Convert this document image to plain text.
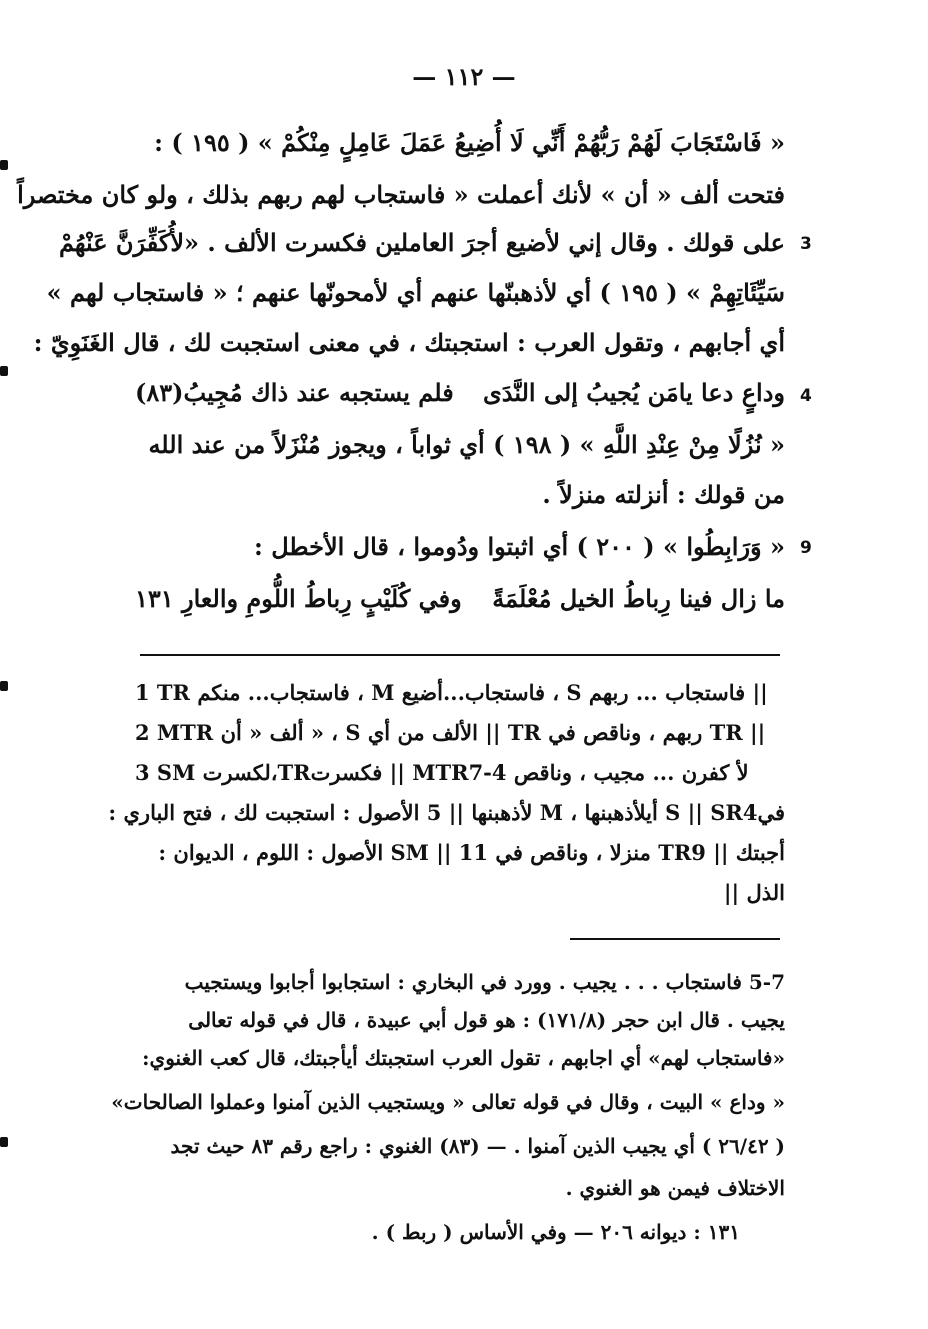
— ١١٢ —
« فَاسْتَجَابَ لَهُمْ رَبُّهُمْ أَنِّي لَا أُضِيعُ عَمَلَ عَامِلٍ مِنْكُمْ » ( ١٩٥ ) :
فتحت ألف « أن » لأنك أعملت « فاستجاب لهم ربهم بذلك ، ولو كان مختصراً
على قولك . وقال إني لأضيع أجرَ العاملين فكسرت الألف . «لأُكَفِّرَنَّ عَنْهُمْ
سَيِّئَاتِهِمْ » ( ١٩٥ ) أي لأذهبنّها عنهم أي لأمحونّها عنهم ؛ « فاستجاب لهم »
أي أجابهم ، وتقول العرب : استجبتك ، في معنى استجبت لك ، قال الغَنَوِيّ :
وداعٍ دعا يامَن يُجيبُ إلى النَّدَى
فلم يستجبه عند ذاك مُجِيبُ(٨٣)
« نُزُلًا مِنْ عِنْدِ اللَّهِ » ( ١٩٨ ) أي ثواباً ، ويجوز مُنْزَلاً من عند الله
من قولك : أنزلته منزلاً .
« وَرَابِطُوا » ( ٢٠٠ ) أي اثبتوا ودُوموا ، قال الأخطل :
ما زال فينا رِباطُ الخيل مُعْلَمَةً
وفي كُلَيْبٍ رِباطُ اللُّومِ والعارِ ١٣١
3
4
9
1 TR فاستجاب... منكم ، M فاستجاب...أضيع ، S فاستجاب ... ربهم ||
2 MTR ألف « أن » ، S الألف من أي || TR ربهم ، وناقص في TR ||
3 SM لكسرت،TRفكسرت || MTR7-4 لأ كفرن ... مجيب ، وناقص
فيS || SR4 أيلأذهبنها ، M لأذهبنها || 5 الأصول : استجبت لك ، فتح الباري :
أجبتك || TR9 منزلا ، وناقص في SM || 11 الأصول : اللوم ، الديوان :
الذل ||
5-7 فاستجاب . . . يجيب . وورد في البخاري : استجابوا أجابوا ويستجيب
يجيب . قال ابن حجر (١٧١/٨) : هو قول أبي عبيدة ، قال في قوله تعالى
«فاستجاب لهم» أي اجابهم ، تقول العرب استجبتك أيأجبتك، قال كعب الغنوي:
« وداع » البيت ، وقال في قوله تعالى « ويستجيب الذين آمنوا وعملوا الصالحات»
( ٢٦/٤٢ ) أي يجيب الذين آمنوا . — (٨٣) الغنوي : راجع رقم ٨٣ حيث تجد
الاختلاف فيمن هو الغنوي .
١٣١ : ديوانه ٢٠٦ — وفي الأساس ( ربط ) .
